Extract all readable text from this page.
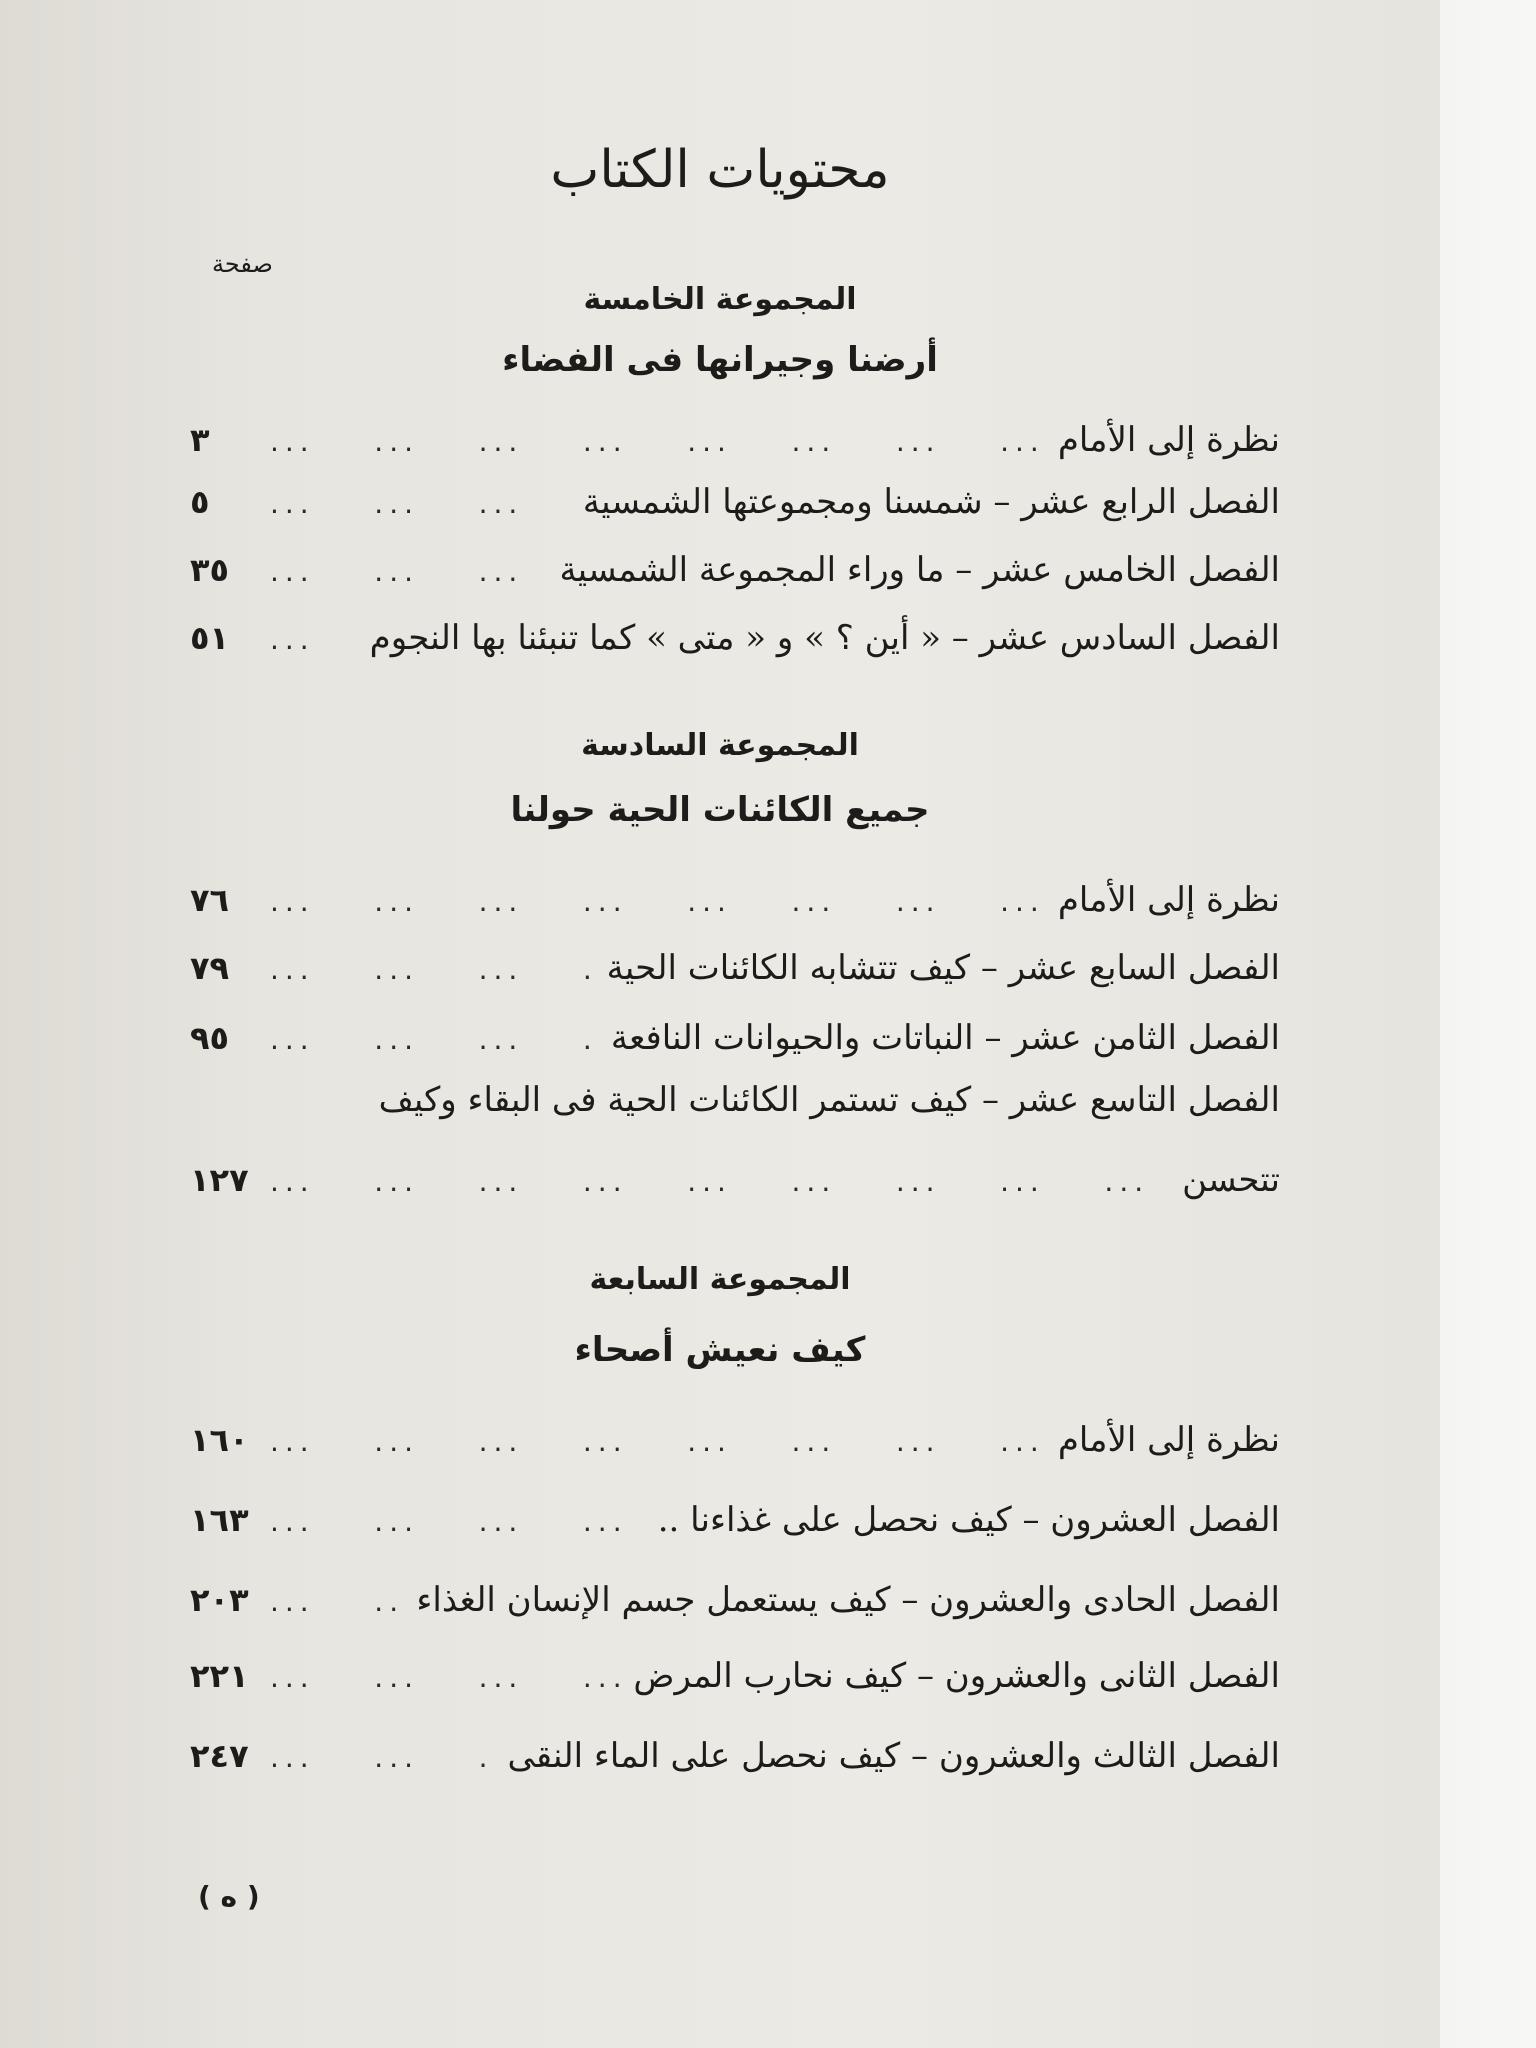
محتويات الكتاب
صفحة
المجموعة الخامسة
أرضنا وجيرانها فى الفضاء
نظرة إلى الأمام
...
٣
الفصل الرابع عشر – شمسنا ومجموعتها الشمسية
...
٥
الفصل الخامس عشر – ما وراء المجموعة الشمسية
...
٣٥
الفصل السادس عشر – « أين ؟ » و « متى » كما تنبئنا بها النجوم
...
٥١
المجموعة السادسة
جميع الكائنات الحية حولنا
نظرة إلى الأمام
...
٧٦
الفصل السابع عشر – كيف تتشابه الكائنات الحية
...
٧٩
الفصل الثامن عشر – النباتات والحيوانات النافعة
...
٩٥
الفصل التاسع عشر – كيف تستمر الكائنات الحية فى البقاء وكيف
تتحسن
...
١٢٧
المجموعة السابعة
كيف نعيش أصحاء
نظرة إلى الأمام
...
١٦٠
الفصل العشرون – كيف نحصل على غذاءنا ..
...
١٦٣
الفصل الحادى والعشرون – كيف يستعمل جسم الإنسان الغذاء
...
٢٠٣
الفصل الثانى والعشرون – كيف نحارب المرض
...
٢٢١
الفصل الثالث والعشرون – كيف نحصل على الماء النقى
...
٢٤٧
( ه )
